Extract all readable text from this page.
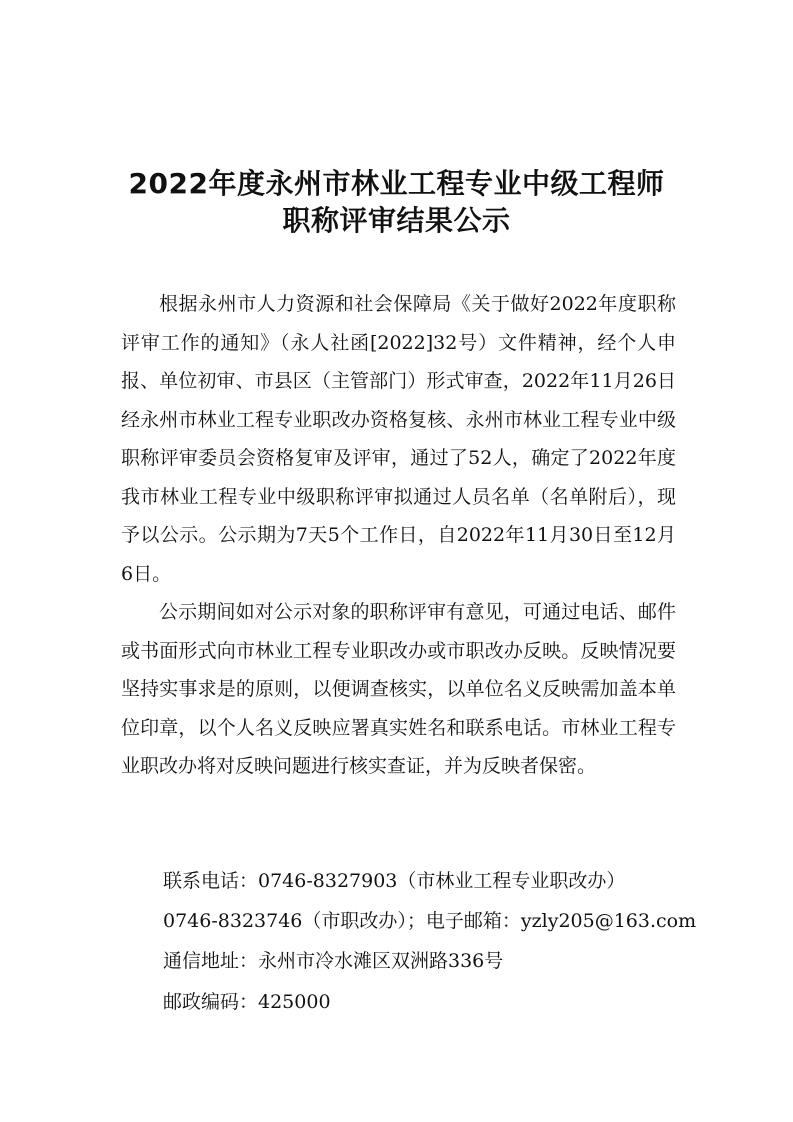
2022年度永州市林业工程专业中级工程师
职称评审结果公示

根据永州市人力资源和社会保障局《关于做好2022年度职称评审工作的通知》（永人社函[2022]32号）文件精神，经个人申报、单位初审、市县区（主管部门）形式审查，2022年11月26日经永州市林业工程专业职改办资格复核、永州市林业工程专业中级职称评审委员会资格复审及评审，通过了52人，确定了2022年度我市林业工程专业中级职称评审拟通过人员名单（名单附后），现予以公示。公示期为7天5个工作日，自2022年11月30日至12月6日。

公示期间如对公示对象的职称评审有意见，可通过电话、邮件或书面形式向市林业工程专业职改办或市职改办反映。反映情况要坚持实事求是的原则，以便调查核实，以单位名义反映需加盖本单位印章，以个人名义反映应署真实姓名和联系电话。市林业工程专业职改办将对反映问题进行核实查证，并为反映者保密。

联系电话：0746-8327903（市林业工程专业职改办）
0746-8323746（市职改办）；电子邮箱：yzly205@163.com
通信地址：永州市冷水滩区双洲路336号
邮政编码：425000
